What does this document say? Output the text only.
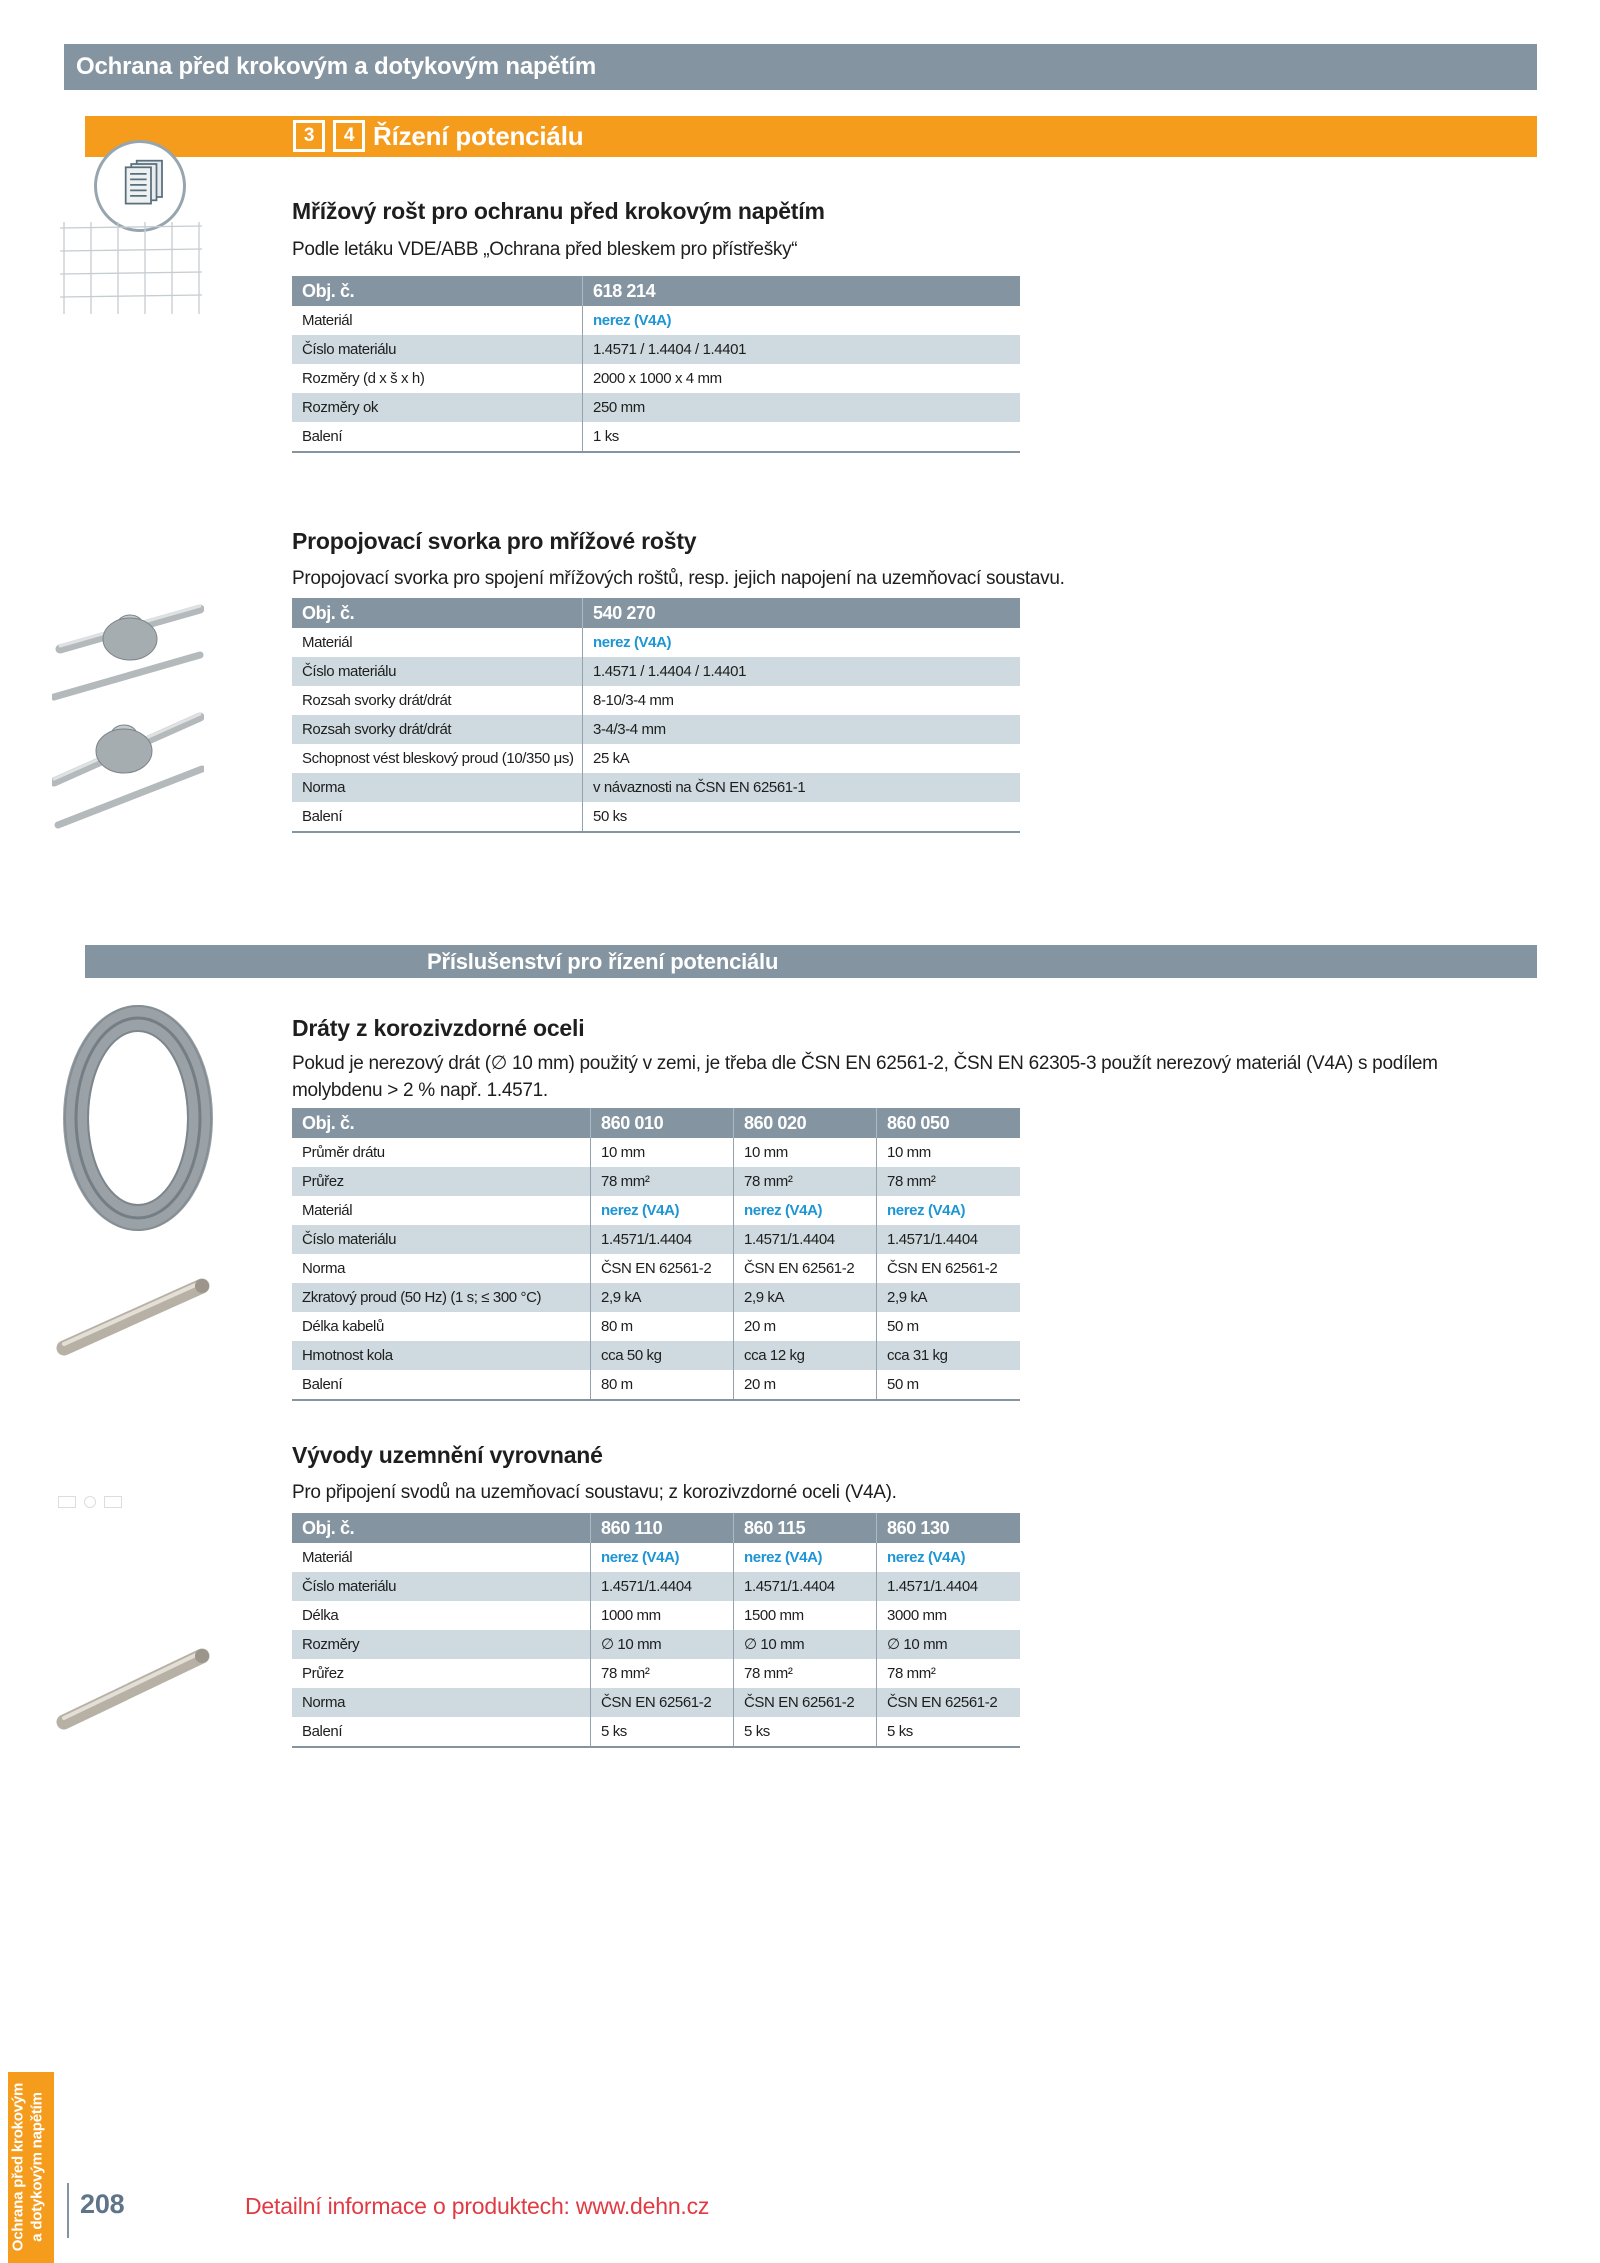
Ochrana před krokovým a dotykovým napětím
3	4 Řízení potenciálu
Mřížový rošt pro ochranu před krokovým napětím
Podle letáku VDE/ABB „Ochrana před bleskem pro přístřešky“
Obj. č.	618 214
Materiál	nerez (V4A)
Číslo materiálu	1.4571 / 1.4404 / 1.4401
Rozměry (d x š x h)	2000 x 1000 x 4 mm
Rozměry ok	250 mm
Balení	1 ks
Propojovací svorka pro mřížové rošty
Propojovací svorka pro spojení mřížových roštů, resp. jejich napojení na uzemňovací soustavu.
Obj. č.	540 270
Materiál	nerez (V4A)
Číslo materiálu	1.4571 / 1.4404 / 1.4401
Rozsah svorky drát/drát	8-10/3-4 mm
Rozsah svorky drát/drát	3-4/3-4 mm
Schopnost vést bleskový proud (10/350 μs)	25 kA
Norma	v návaznosti na ČSN EN 62561-1
Balení	50 ks
Příslušenství pro řízení potenciálu
Dráty z korozivzdorné oceli
Pokud je nerezový drát (∅ 10 mm) použitý v zemi, je třeba dle ČSN EN 62561-2, ČSN EN 62305-3 použít nerezový materiál (V4A) s podílem molybdenu > 2 % např. 1.4571.
Obj. č.	860 010	860 020	860 050
Průměr drátu	10 mm	10 mm	10 mm
Průřez	78 mm²	78 mm²	78 mm²
Materiál	nerez (V4A)	nerez (V4A)	nerez (V4A)
Číslo materiálu	1.4571/1.4404	1.4571/1.4404	1.4571/1.4404
Norma	ČSN EN 62561-2	ČSN EN 62561-2	ČSN EN 62561-2
Zkratový proud (50 Hz) (1 s; ≤ 300 °C)	2,9 kA	2,9 kA	2,9 kA
Délka kabelů	80 m	20 m	50 m
Hmotnost kola	cca 50 kg	cca 12 kg	cca 31 kg
Balení	80 m	20 m	50 m
Vývody uzemnění vyrovnané
Pro připojení svodů na uzemňovací soustavu; z korozivzdorné oceli (V4A).
Obj. č.	860 110	860 115	860 130
Materiál	nerez (V4A)	nerez (V4A)	nerez (V4A)
Číslo materiálu	1.4571/1.4404	1.4571/1.4404	1.4571/1.4404
Délka	1000 mm	1500 mm	3000 mm
Rozměry	∅ 10 mm	∅ 10 mm	∅ 10 mm
Průřez	78 mm²	78 mm²	78 mm²
Norma	ČSN EN 62561-2	ČSN EN 62561-2	ČSN EN 62561-2
Balení	5 ks	5 ks	5 ks
Ochrana před krokovým a dotykovým napětím 208	Detailní informace o produktech: www.dehn.cz
